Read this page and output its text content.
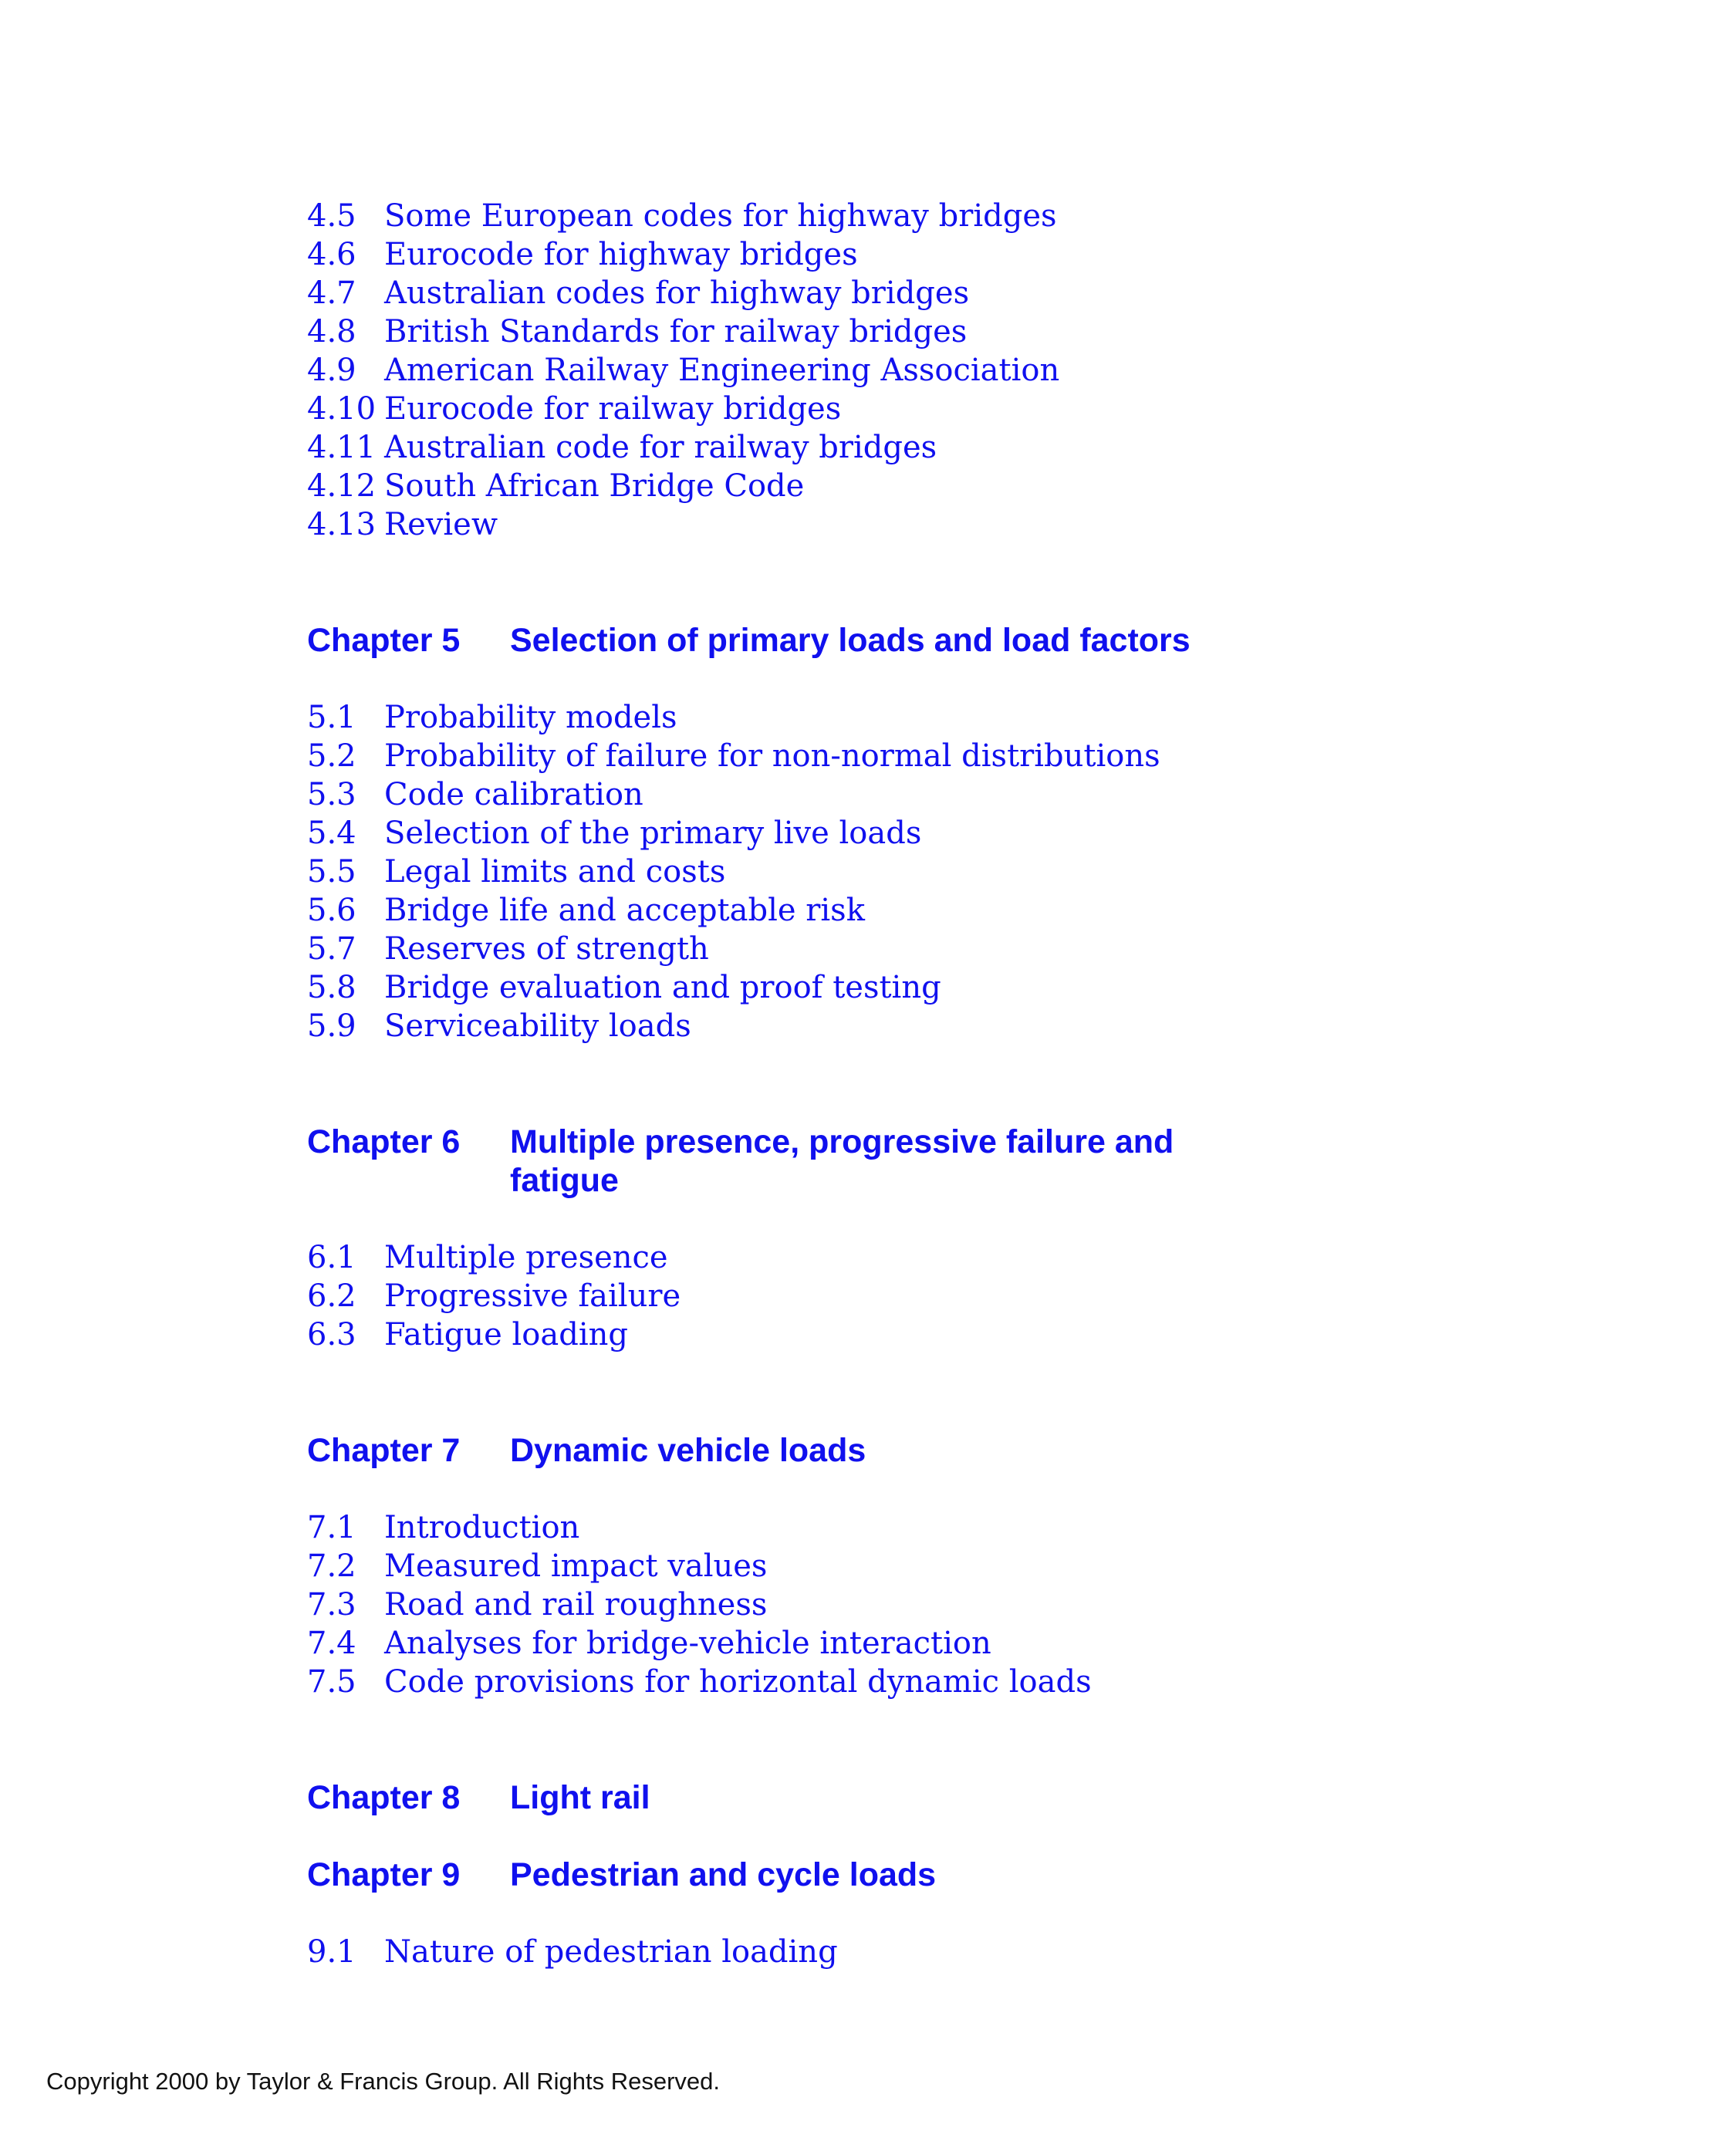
4.5 Some European codes for highway bridges
4.6 Eurocode for highway bridges
4.7 Australian codes for highway bridges
4.8 British Standards for railway bridges
4.9 American Railway Engineering Association
4.10 Eurocode for railway bridges
4.11 Australian code for railway bridges
4.12 South African Bridge Code
4.13 Review
Chapter 5	Selection of primary loads and load factors
5.1 Probability models
5.2 Probability of failure for non-normal distributions
5.3 Code calibration
5.4 Selection of the primary live loads
5.5 Legal limits and costs
5.6 Bridge life and acceptable risk
5.7 Reserves of strength
5.8 Bridge evaluation and proof testing
5.9 Serviceability loads
Chapter 6	Multiple presence, progressive failure and fatigue
6.1 Multiple presence
6.2 Progressive failure
6.3 Fatigue loading
Chapter 7	Dynamic vehicle loads
7.1 Introduction
7.2 Measured impact values
7.3 Road and rail roughness
7.4 Analyses for bridge-vehicle interaction
7.5 Code provisions for horizontal dynamic loads
Chapter 8	Light rail
Chapter 9	Pedestrian and cycle loads
9.1 Nature of pedestrian loading
Copyright 2000 by Taylor & Francis Group. All Rights Reserved.
